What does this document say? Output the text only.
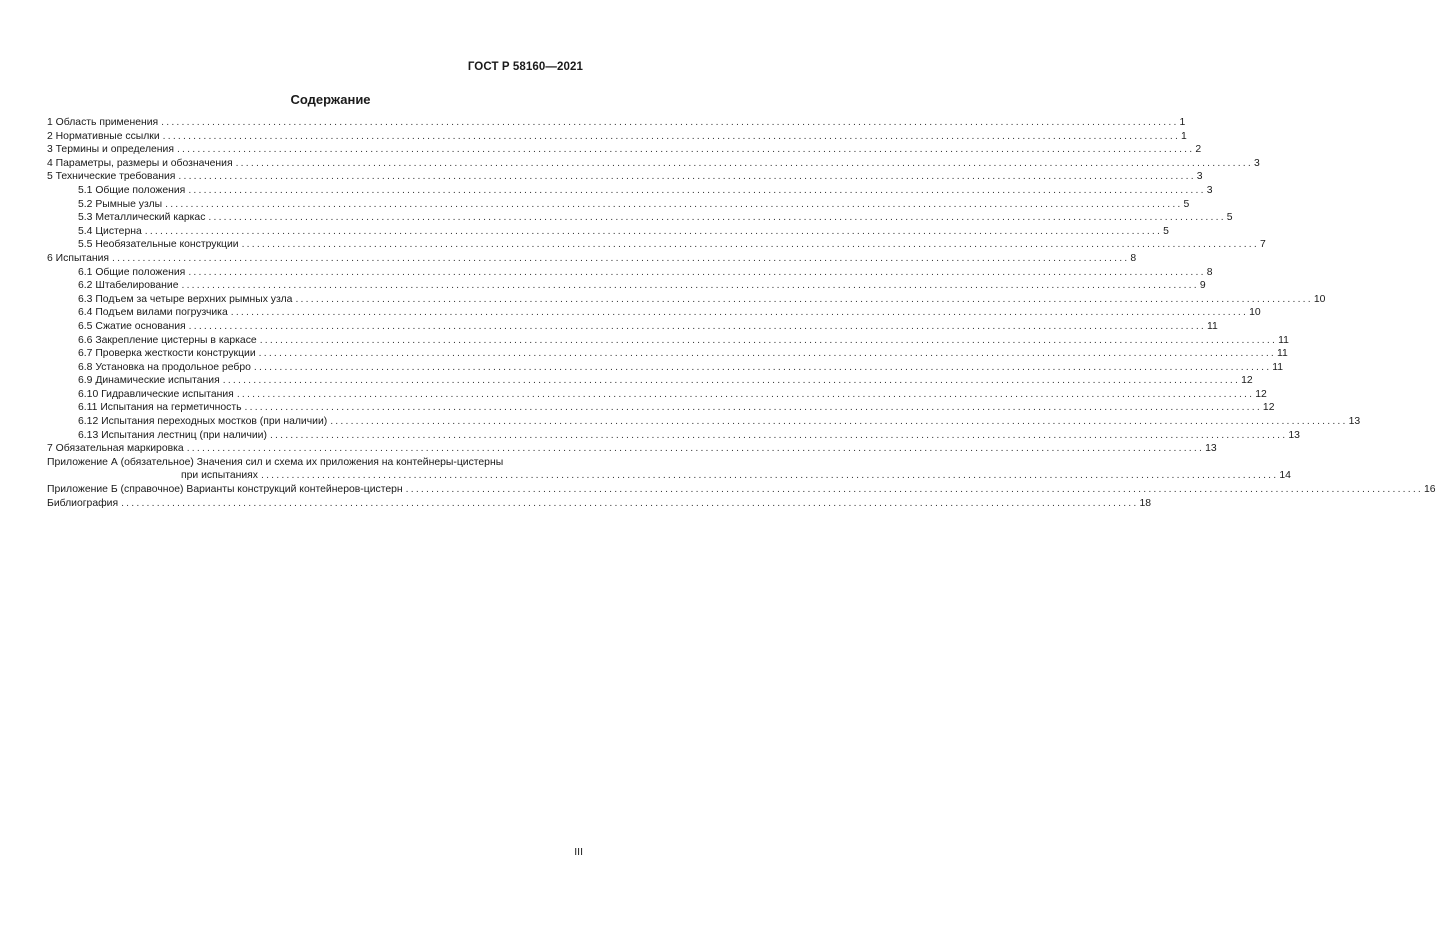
ГОСТ Р 58160—2021
Содержание
1 Область применения ........................................................................................................................................................................................................ 1
2 Нормативные ссылки ........................................................................................................................................................................................................ 1
3 Термины и определения ........................................................................................................................................................................................................ 2
4 Параметры, размеры и обозначения ........................................................................................................................................................................................................ 3
5 Технические требования ........................................................................................................................................................................................................ 3
5.1 Общие положения ........................................................................................................................................................................................................ 3
5.2 Рымные узлы ........................................................................................................................................................................................................ 5
5.3 Металлический каркас ........................................................................................................................................................................................................ 5
5.4 Цистерна ........................................................................................................................................................................................................ 5
5.5 Необязательные конструкции ........................................................................................................................................................................................................ 7
6 Испытания ........................................................................................................................................................................................................ 8
6.1 Общие положения ........................................................................................................................................................................................................ 8
6.2 Штабелирование ........................................................................................................................................................................................................ 9
6.3 Подъем за четыре верхних рымных узла ........................................................................................................................................................................................................ 10
6.4 Подъем вилами погрузчика ........................................................................................................................................................................................................ 10
6.5 Сжатие основания ........................................................................................................................................................................................................ 11
6.6 Закрепление цистерны в каркасе ........................................................................................................................................................................................................ 11
6.7 Проверка жесткости конструкции ........................................................................................................................................................................................................ 11
6.8 Установка на продольное ребро ........................................................................................................................................................................................................ 11
6.9 Динамические испытания ........................................................................................................................................................................................................ 12
6.10 Гидравлические испытания ........................................................................................................................................................................................................ 12
6.11 Испытания на герметичность ........................................................................................................................................................................................................ 12
6.12 Испытания переходных мостков (при наличии) ........................................................................................................................................................................................................ 13
6.13 Испытания лестниц (при наличии) ........................................................................................................................................................................................................ 13
7 Обязательная маркировка ........................................................................................................................................................................................................ 13
Приложение А (обязательное) Значения сил и схема их приложения на контейнеры-цистерны
при испытаниях ........................................................................................................................................................................................................ 14
Приложение Б (справочное) Варианты конструкций контейнеров-цистерн ........................................................................................................................................................................................................ 16
Библиография ........................................................................................................................................................................................................ 18
III
